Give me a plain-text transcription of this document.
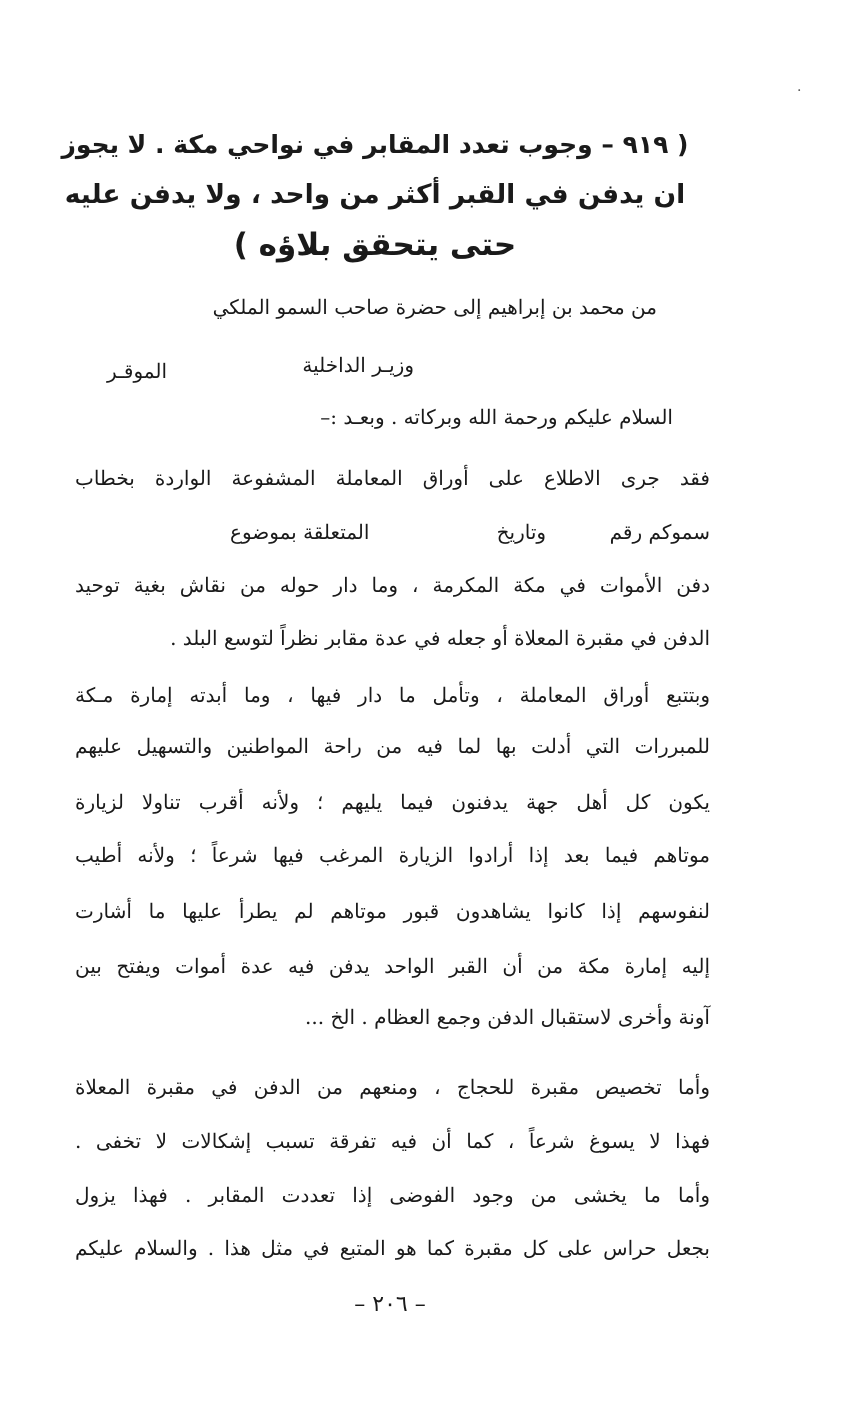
·
( ٩١٩ – وجوب تعدد المقابر في نواحي مكة . لا يجوز
ان يدفن في القبر أكثر من واحد ، ولا يدفن عليه
حتى يتحقق بلاؤه )

من محمد بن إبراهيم إلى حضرة صاحب السمو الملكي

وزيـر الداخلية

الموقـر

السلام عليكم ورحمة الله وبركاته . وبعـد :–

فقد جرى الاطلاع على أوراق المعاملة المشفوعة الواردة بخطاب

سموكم رقم          وتاريخ                    المتعلقة بموضوع

دفن الأموات في مكة المكرمة ، وما دار حوله من نقاش بغية توحيد

الدفن في مقبرة المعلاة أو جعله في عدة مقابر نظراً لتوسع البلد .

وبتتبع أوراق المعاملة ، وتأمل ما دار فيها ، وما أبدته إمارة مـكة

للمبررات التي أدلت بها لما فيه من راحة المواطنين والتسهيل عليهم

يكون كل أهل جهة يدفنون فيما يليهم ؛ ولأنه أقرب تناولا لزيارة

موتاهم فيما بعد إذا أرادوا الزيارة المرغب فيها شرعاً ؛ ولأنه أطيب

لنفوسهم إذا كانوا يشاهدون قبور موتاهم لم يطرأ عليها ما أشارت

إليه إمارة مكة من أن القبر الواحد يدفن فيه عدة أموات ويفتح بين

آونة وأخرى لاستقبال الدفن وجمع العظام . الخ ...

وأما تخصيص مقبرة للحجاج ، ومنعهم من الدفن في مقبرة المعلاة

فهذا لا يسوغ شرعاً ، كما أن فيه تفرقة تسبب إشكالات لا تخفى .

وأما ما يخشى من وجود الفوضى إذا تعددت المقابر . فهذا يزول

بجعل حراس على كل مقبرة كما هو المتبع في مثل هذا . والسلام عليكم

– ٢٠٦ –
